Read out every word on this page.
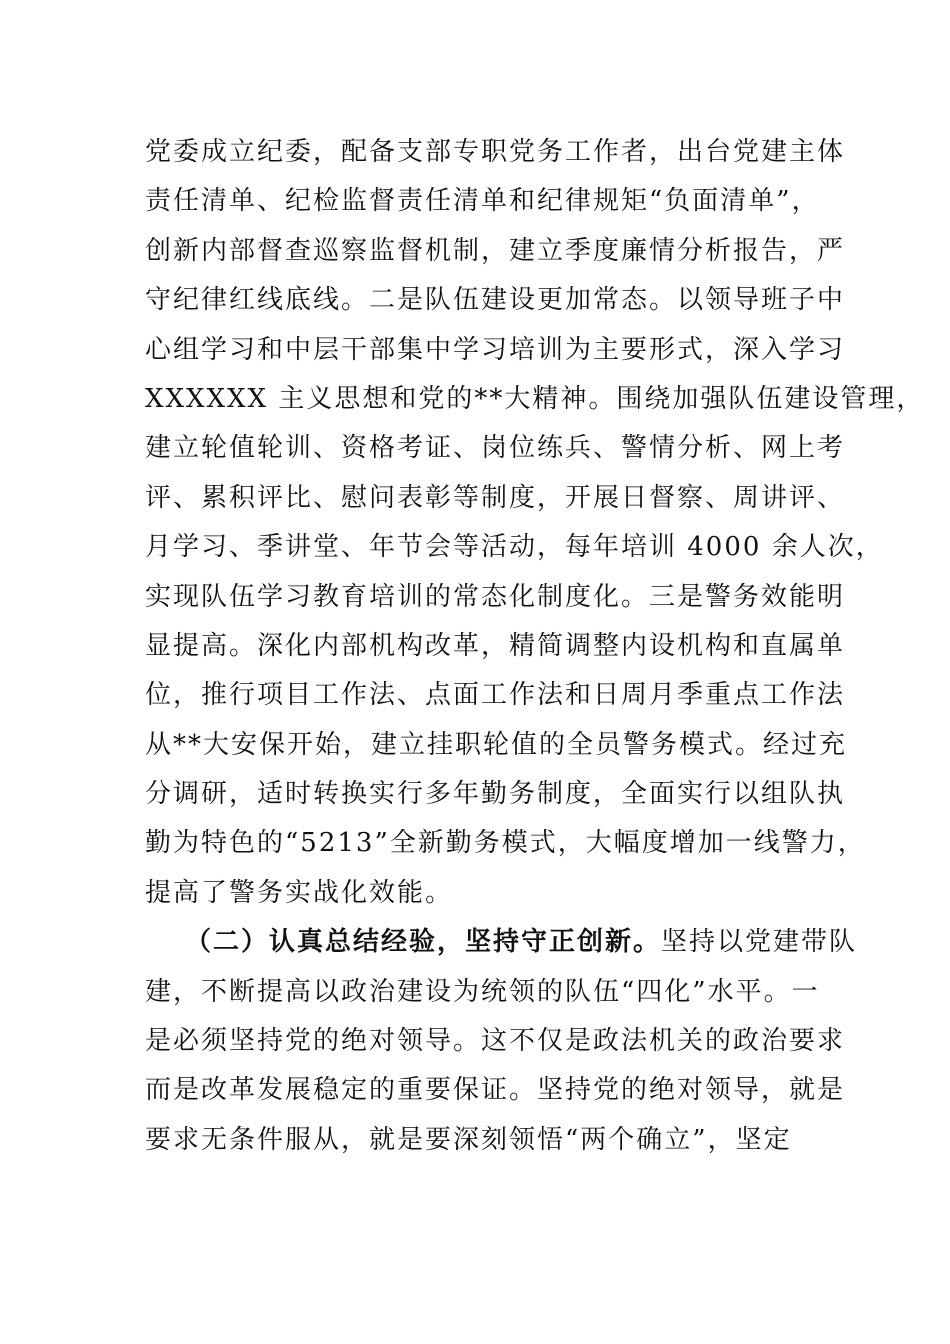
党委成立纪委，配备支部专职党务工作者，出台党建主体
责任清单、纪检监督责任清单和纪律规矩“负面清单”，
创新内部督查巡察监督机制，建立季度廉情分析报告，严
守纪律红线底线。二是队伍建设更加常态。以领导班子中
心组学习和中层干部集中学习培训为主要形式，深入学习
XXXXXX 主义思想和党的**大精神。围绕加强队伍建设管理，
建立轮值轮训、资格考证、岗位练兵、警情分析、网上考
评、累积评比、慰问表彰等制度，开展日督察、周讲评、
月学习、季讲堂、年节会等活动，每年培训 4000 余人次，
实现队伍学习教育培训的常态化制度化。三是警务效能明
显提高。深化内部机构改革，精简调整内设机构和直属单
位，推行项目工作法、点面工作法和日周月季重点工作法
从**大安保开始，建立挂职轮值的全员警务模式。经过充
分调研，适时转换实行多年勤务制度，全面实行以组队执
勤为特色的“5213”全新勤务模式，大幅度增加一线警力，
提高了警务实战化效能。
（二）认真总结经验，坚持守正创新。坚持以党建带队
建，不断提高以政治建设为统领的队伍“四化”水平。一
是必须坚持党的绝对领导。这不仅是政法机关的政治要求
而是改革发展稳定的重要保证。坚持党的绝对领导，就是
要求无条件服从，就是要深刻领悟“两个确立”，坚定
